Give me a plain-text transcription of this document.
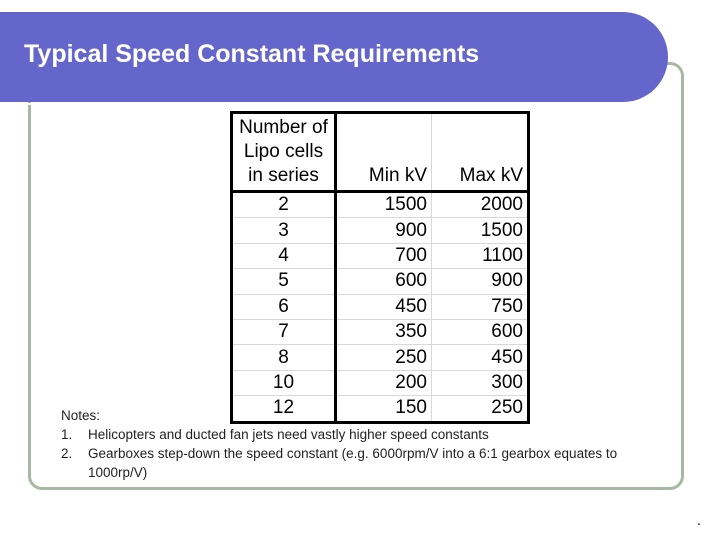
Typical Speed Constant Requirements
Number of Lipo cells in series	Min kV	Max kV
2	1500	2000
3	900	1500
4	700	1100
5	600	900
6	450	750
7	350	600
8	250	450
10	200	300
12	150	250
Notes:
1. Helicopters and ducted fan jets need vastly higher speed constants
2. Gearboxes step-down the speed constant (e.g. 6000rpm/V into a 6:1 gearbox equates to 1000rp/V)
.
